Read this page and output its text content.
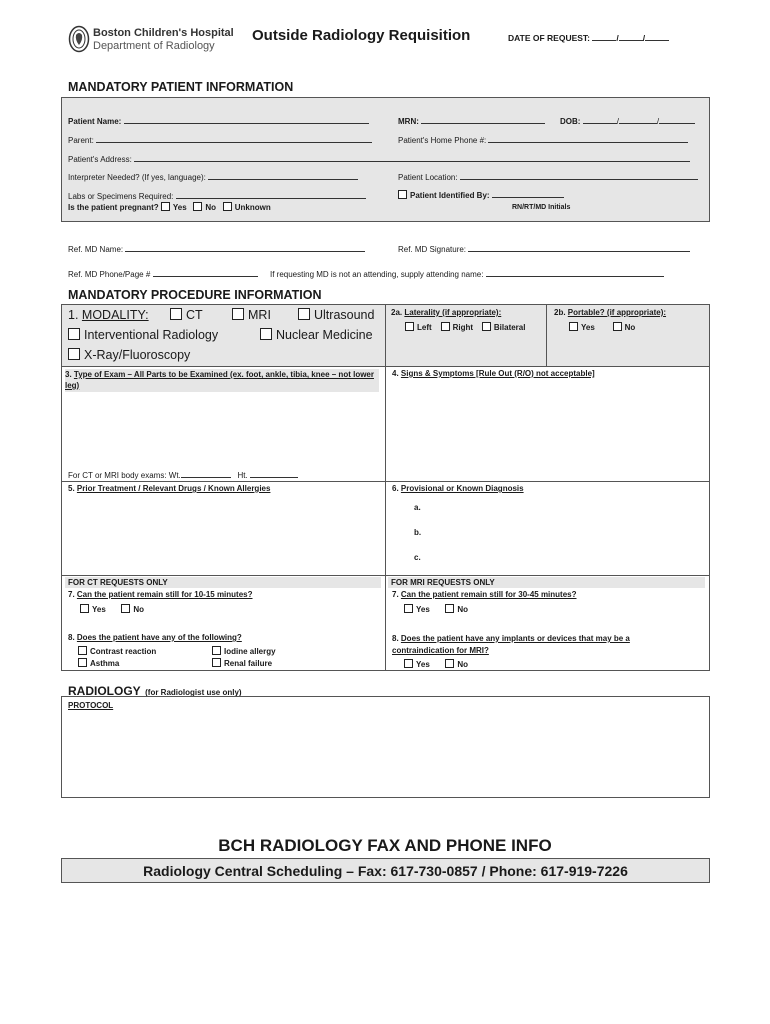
Boston Children's Hospital
Department of Radiology
Outside Radiology Requisition	DATE OF REQUEST:	/	/
MANDATORY PATIENT INFORMATION
Patient Name:	MRN:	DOB:	/	/
Parent:	Patient's Home Phone #:
Patient's Address:
Interpreter Needed? (If yes, language):	Patient Location:
Labs or Specimens Required:	Patient Identified By:
Is the patient pregnant? Yes No Unknown	RN/RT/MD Initials
Ref. MD Name:	Ref. MD Signature:
Ref. MD Phone/Page #	If requesting MD is not an attending, supply attending name:
MANDATORY PROCEDURE INFORMATION
1. MODALITY:	CT	MRI	Ultrasound
Interventional Radiology	Nuclear Medicine
X-Ray/Fluoroscopy
2a. Laterality (if appropriate):
Left	Right	Bilateral
2b. Portable? (if appropriate):
Yes	No
3. Type of Exam – All Parts to be Examined (ex. foot, ankle, tibia, knee – not lower leg)
For CT or MRI body exams: Wt.	Ht.
4. Signs & Symptoms [Rule Out (R/O) not acceptable]
5. Prior Treatment / Relevant Drugs / Known Allergies	6. Provisional or Known Diagnosis
a.
b.
c.
FOR CT REQUESTS ONLY
7. Can the patient remain still for 10-15 minutes?
Yes	No
8. Does the patient have any of the following?
Contrast reaction	Iodine allergy
Asthma	Renal failure
FOR MRI REQUESTS ONLY
7. Can the patient remain still for 30-45 minutes?
Yes	No
8. Does the patient have any implants or devices that may be a
contraindication for MRI?
Yes	No
RADIOLOGY (for Radiologist use only)
PROTOCOL
BCH RADIOLOGY FAX AND PHONE INFO
Radiology Central Scheduling – Fax: 617-730-0857 / Phone: 617-919-7226
